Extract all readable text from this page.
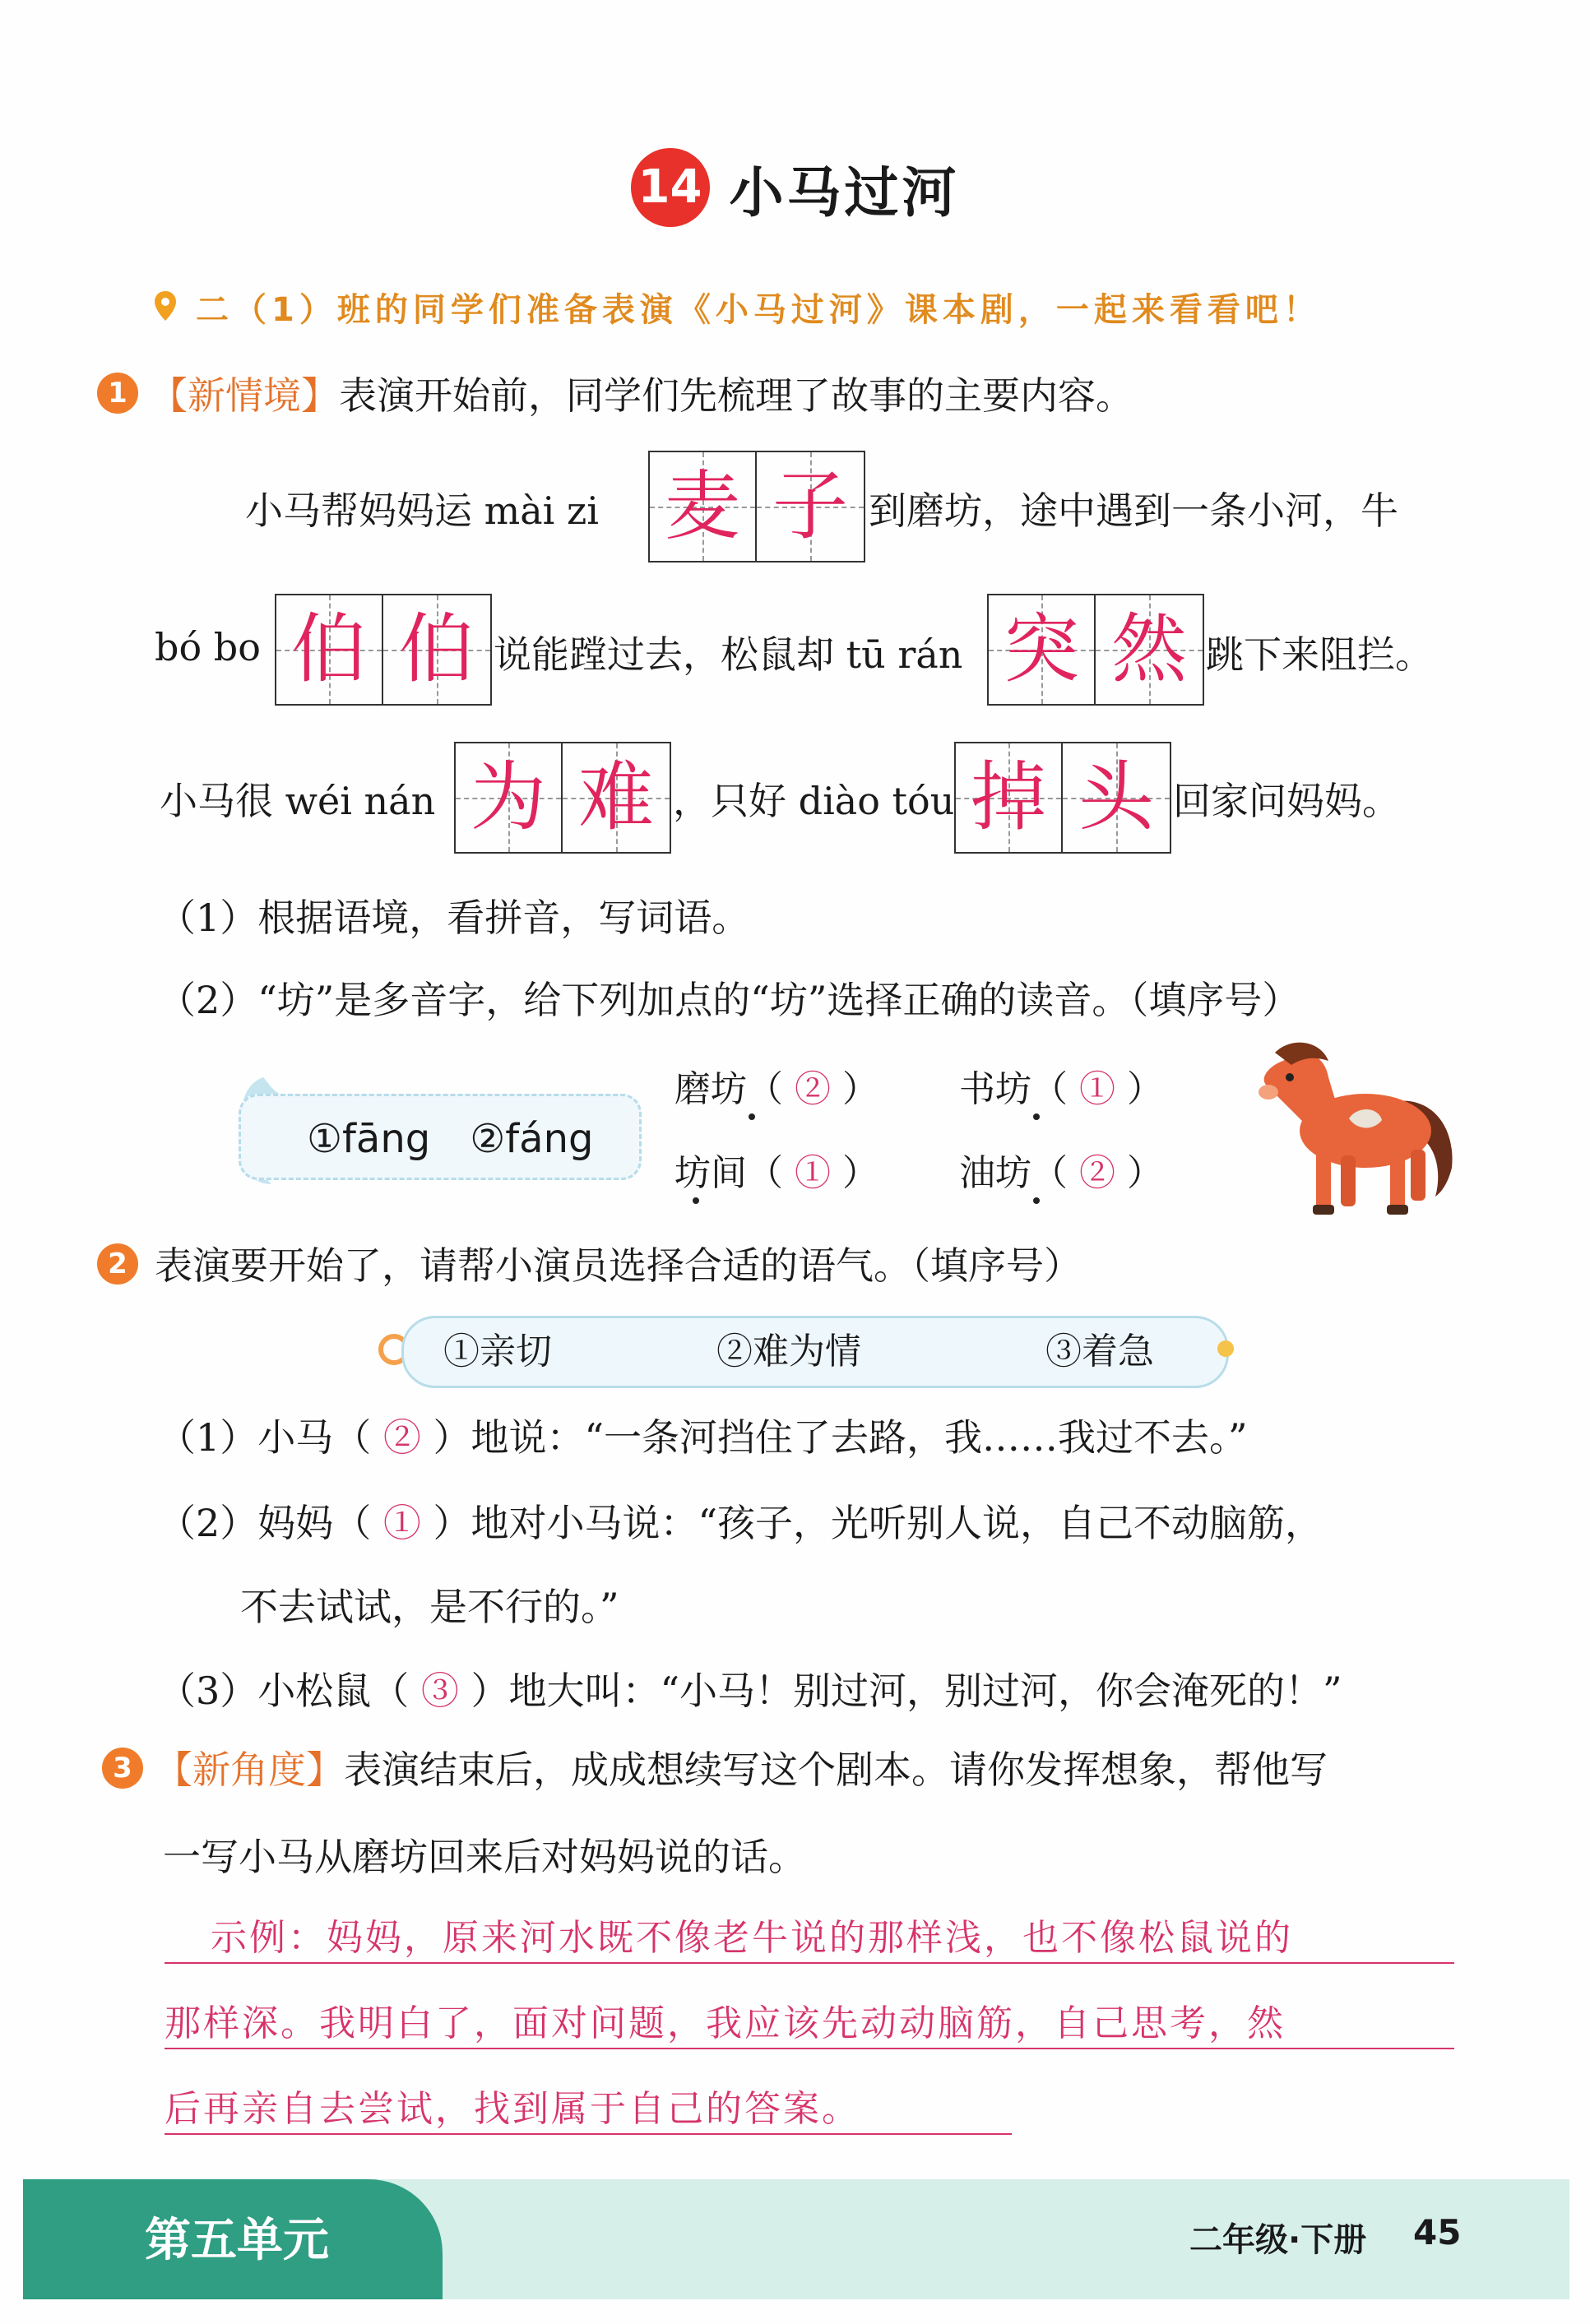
14 小马过河
二（1）班的同学们准备表演《小马过河》课本剧，一起来看看吧！
1 【新情境】表演开始前，同学们先梳理了故事的主要内容。
小马帮妈妈运 mài zi 麦 子 到磨坊，途中遇到一条小河，牛
bó bo 伯 伯 说能蹚过去，松鼠却 tū rán 突 然 跳下来阻拦。
小马很 wéi nán 为 难 ，只好 diào tóu 掉 头 回家问妈妈。
（1）根据语境，看拼音，写词语。
（2）“坊”是多音字，给下列加点的“坊”选择正确的读音。（填序号）
①fāng　②fáng
磨坊（ ② ） 书坊（ ① ）
坊间（ ① ） 油坊（ ② ）
2 表演要开始了，请帮小演员选择合适的语气。（填序号）
①亲切	②难为情	③着急
（1）小马（ ② ）地说：“一条河挡住了去路，我……我过不去。”
（2）妈妈（ ① ）地对小马说：“孩子，光听别人说，自己不动脑筋，
不去试试，是不行的。”
（3）小松鼠（ ③ ）地大叫：“小马！别过河，别过河，你会淹死的！”
3 【新角度】表演结束后，成成想续写这个剧本。请你发挥想象，帮他写
一写小马从磨坊回来后对妈妈说的话。
示例：妈妈，原来河水既不像老牛说的那样浅，也不像松鼠说的
那样深。我明白了，面对问题，我应该先动动脑筋，自己思考，然
后再亲自去尝试，找到属于自己的答案。
第五单元	二年级·下册 45
